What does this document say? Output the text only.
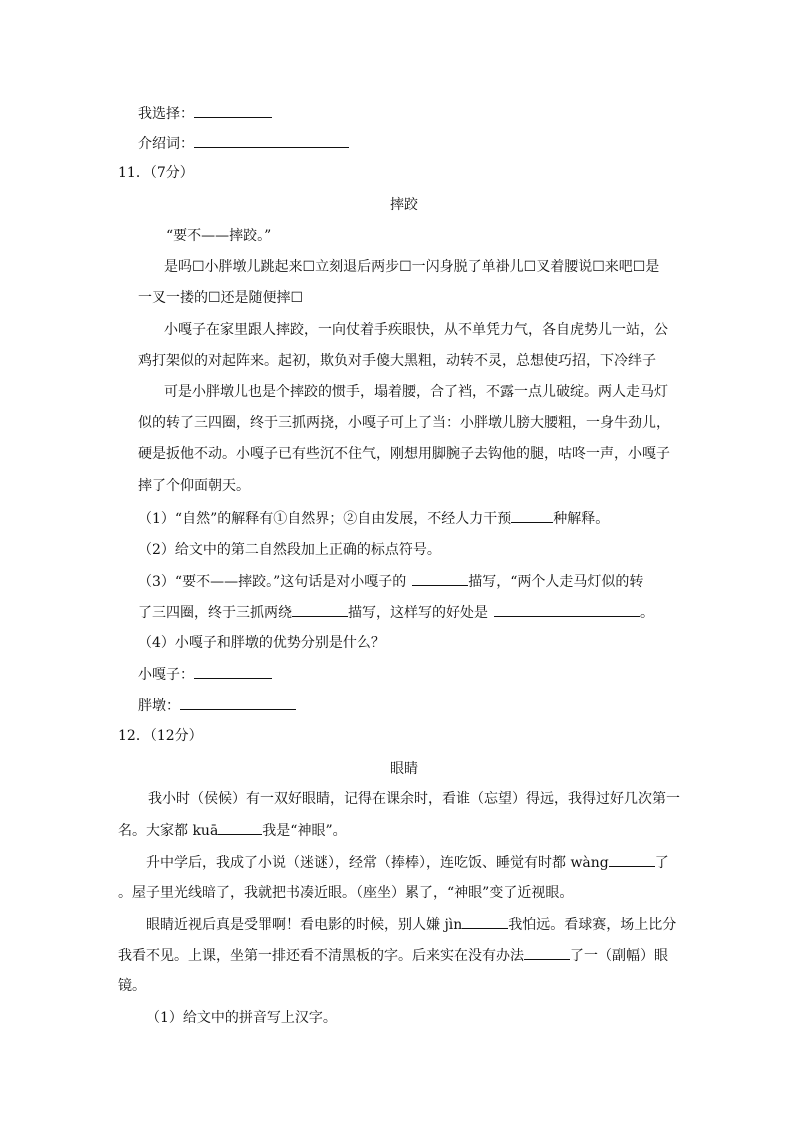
我选择：
介绍词：
11．（7分）
摔跤
“要不——摔跤。”
是吗☐小胖墩儿跳起来☐立刻退后两步☐一闪身脱了单褂儿☐叉着腰说☐来吧☐是
一叉一搂的☐还是随便摔☐
小嘎子在家里跟人摔跤，一向仗着手疾眼快，从不单凭力气，各自虎势儿一站，公
鸡打架似的对起阵来。起初，欺负对手傻大黑粗，动转不灵，总想使巧招，下冷绊子
可是小胖墩儿也是个摔跤的惯手，塌着腰，合了裆，不露一点儿破绽。两人走马灯
似的转了三四圈，终于三抓两挠，小嘎子可上了当：小胖墩儿膀大腰粗，一身牛劲儿，
硬是扳他不动。小嘎子已有些沉不住气，刚想用脚腕子去钩他的腿，咕咚一声，小嘎子
摔了个仰面朝天。
（1）“自然”的解释有①自然界；②自由发展，不经人力干预	种解释。
（2）给文中的第二自然段加上正确的标点符号。
（3）“要不——摔跤。”这句话是对小嘎子的	描写，“两个人走马灯似的转
了三四圈，终于三抓两绕	描写，这样写的好处是	。
（4）小嘎子和胖墩的优势分别是什么？
小嘎子：
胖墩：
12．（12分）
眼睛
我小时（侯候）有一双好眼睛，记得在课余时，看谁（忘望）得远，我得过好几次第一
名。大家都 kuā	我是“神眼”。
升中学后，我成了小说（迷谜），经常（捧棒），连吃饭、睡觉有时都 wàng	了
。屋子里光线暗了，我就把书凑近眼。（座坐）累了，“神眼”变了近视眼。
眼睛近视后真是受罪啊！看电影的时候，别人嫌 jìn	我怕远。看球赛，场上比分
我看不见。上课，坐第一排还看不清黑板的字。后来实在没有办法	了一（副幅）眼
镜。
（1）给文中的拼音写上汉字。
